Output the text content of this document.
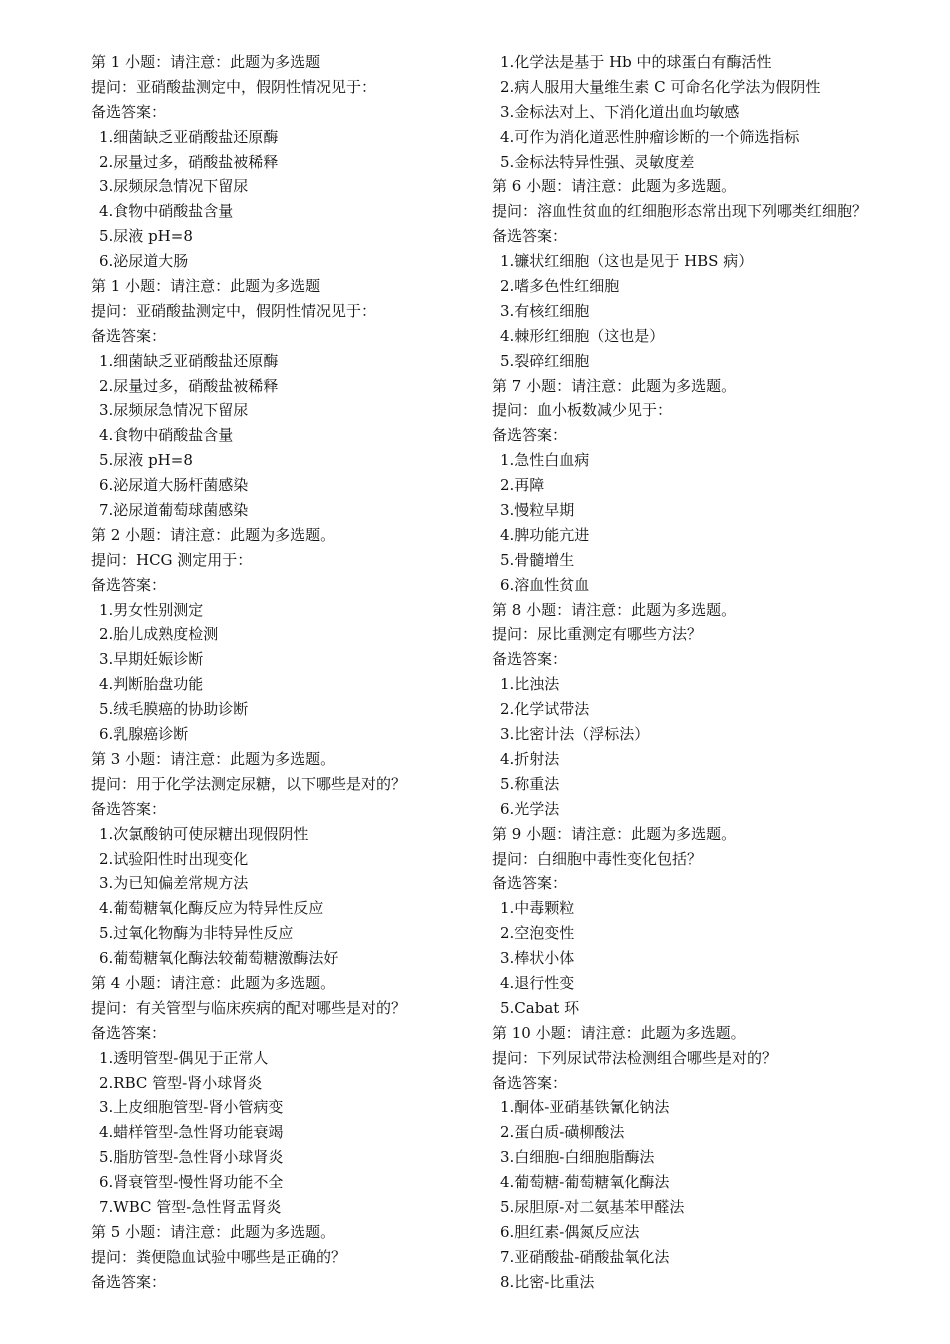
第 1 小题：请注意：此题为多选题
提问：亚硝酸盐测定中，假阴性情况见于：
备选答案：
1.细菌缺乏亚硝酸盐还原酶
2.尿量过多，硝酸盐被稀释
3.尿频尿急情况下留尿
4.食物中硝酸盐含量
5.尿液 pH=8
6.泌尿道大肠
第 1 小题：请注意：此题为多选题
提问：亚硝酸盐测定中，假阴性情况见于：
备选答案：
1.细菌缺乏亚硝酸盐还原酶
2.尿量过多，硝酸盐被稀释
3.尿频尿急情况下留尿
4.食物中硝酸盐含量
5.尿液 pH=8
6.泌尿道大肠杆菌感染
7.泌尿道葡萄球菌感染
第 2 小题：请注意：此题为多选题。
提问：HCG 测定用于：
备选答案：
1.男女性别测定
2.胎儿成熟度检测
3.早期妊娠诊断
4.判断胎盘功能
5.绒毛膜癌的协助诊断
6.乳腺癌诊断
第 3 小题：请注意：此题为多选题。
提问：用于化学法测定尿糖，以下哪些是对的？
备选答案：
1.次氯酸钠可使尿糖出现假阴性
2.试验阳性时出现变化
3.为已知偏差常规方法
4.葡萄糖氧化酶反应为特异性反应
5.过氧化物酶为非特异性反应
6.葡萄糖氧化酶法较葡萄糖激酶法好
第 4 小题：请注意：此题为多选题。
提问：有关管型与临床疾病的配对哪些是对的？
备选答案：
1.透明管型-偶见于正常人
2.RBC 管型-肾小球肾炎
3.上皮细胞管型-肾小管病变
4.蜡样管型-急性肾功能衰竭
5.脂肪管型-急性肾小球肾炎
6.肾衰管型-慢性肾功能不全
7.WBC 管型-急性肾盂肾炎
第 5 小题：请注意：此题为多选题。
提问：粪便隐血试验中哪些是正确的？
备选答案：
1.化学法是基于 Hb 中的球蛋白有酶活性
2.病人服用大量维生素 C 可命名化学法为假阴性
3.金标法对上、下消化道出血均敏感
4.可作为消化道恶性肿瘤诊断的一个筛选指标
5.金标法特异性强、灵敏度差
第 6 小题：请注意：此题为多选题。
提问：溶血性贫血的红细胞形态常出现下列哪类红细胞？
备选答案：
1.镰状红细胞（这也是见于 HBS 病）
2.嗜多色性红细胞
3.有核红细胞
4.棘形红细胞（这也是）
5.裂碎红细胞
第 7 小题：请注意：此题为多选题。
提问：血小板数减少见于：
备选答案：
1.急性白血病
2.再障
3.慢粒早期
4.脾功能亢进
5.骨髓增生
6.溶血性贫血
第 8 小题：请注意：此题为多选题。
提问：尿比重测定有哪些方法？
备选答案：
1.比浊法
2.化学试带法
3.比密计法（浮标法）
4.折射法
5.称重法
6.光学法
第 9 小题：请注意：此题为多选题。
提问：白细胞中毒性变化包括？
备选答案：
1.中毒颗粒
2.空泡变性
3.棒状小体
4.退行性变
5.Cabat 环
第 10 小题：请注意：此题为多选题。
提问：下列尿试带法检测组合哪些是对的？
备选答案：
1.酮体-亚硝基铁氰化钠法
2.蛋白质-磺柳酸法
3.白细胞-白细胞脂酶法
4.葡萄糖-葡萄糖氧化酶法
5.尿胆原-对二氨基苯甲醛法
6.胆红素-偶氮反应法
7.亚硝酸盐-硝酸盐氧化法
8.比密-比重法
